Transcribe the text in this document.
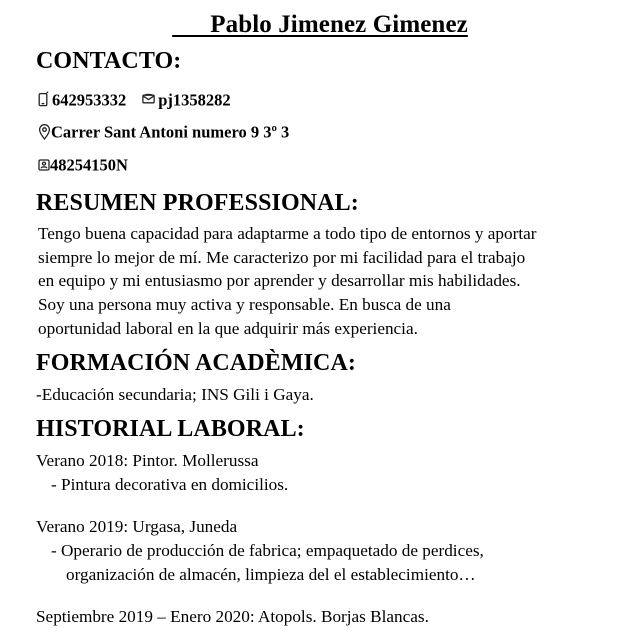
Pablo Jimenez Gimenez
CONTACTO:
642953332 pj1358282
Carrer Sant Antoni numero 9 3º 3
48254150N
RESUMEN PROFESSIONAL:

Tengo buena capacidad para adaptarme a todo tipo de entornos y aportar
siempre lo mejor de mí. Me caracterizo por mi facilidad para el trabajo
en equipo y mi entusiasmo por aprender y desarrollar mis habilidades.
Soy una persona muy activa y responsable. En busca de una
oportunidad laboral en la que adquirir más experiencia.

FORMACIÓN ACADÈMICA:

-Educación secundaria; INS Gili i Gaya.

HISTORIAL LABORAL:
Verano 2018: Pintor. Mollerussa
- Pintura decorativa en domicilios.
Verano 2019: Urgasa, Juneda
- Operario de producción de fabrica; empaquetado de perdices,
organización de almacén, limpieza del el establecimiento…
Septiembre 2019 – Enero 2020: Atopols. Borjas Blancas.
